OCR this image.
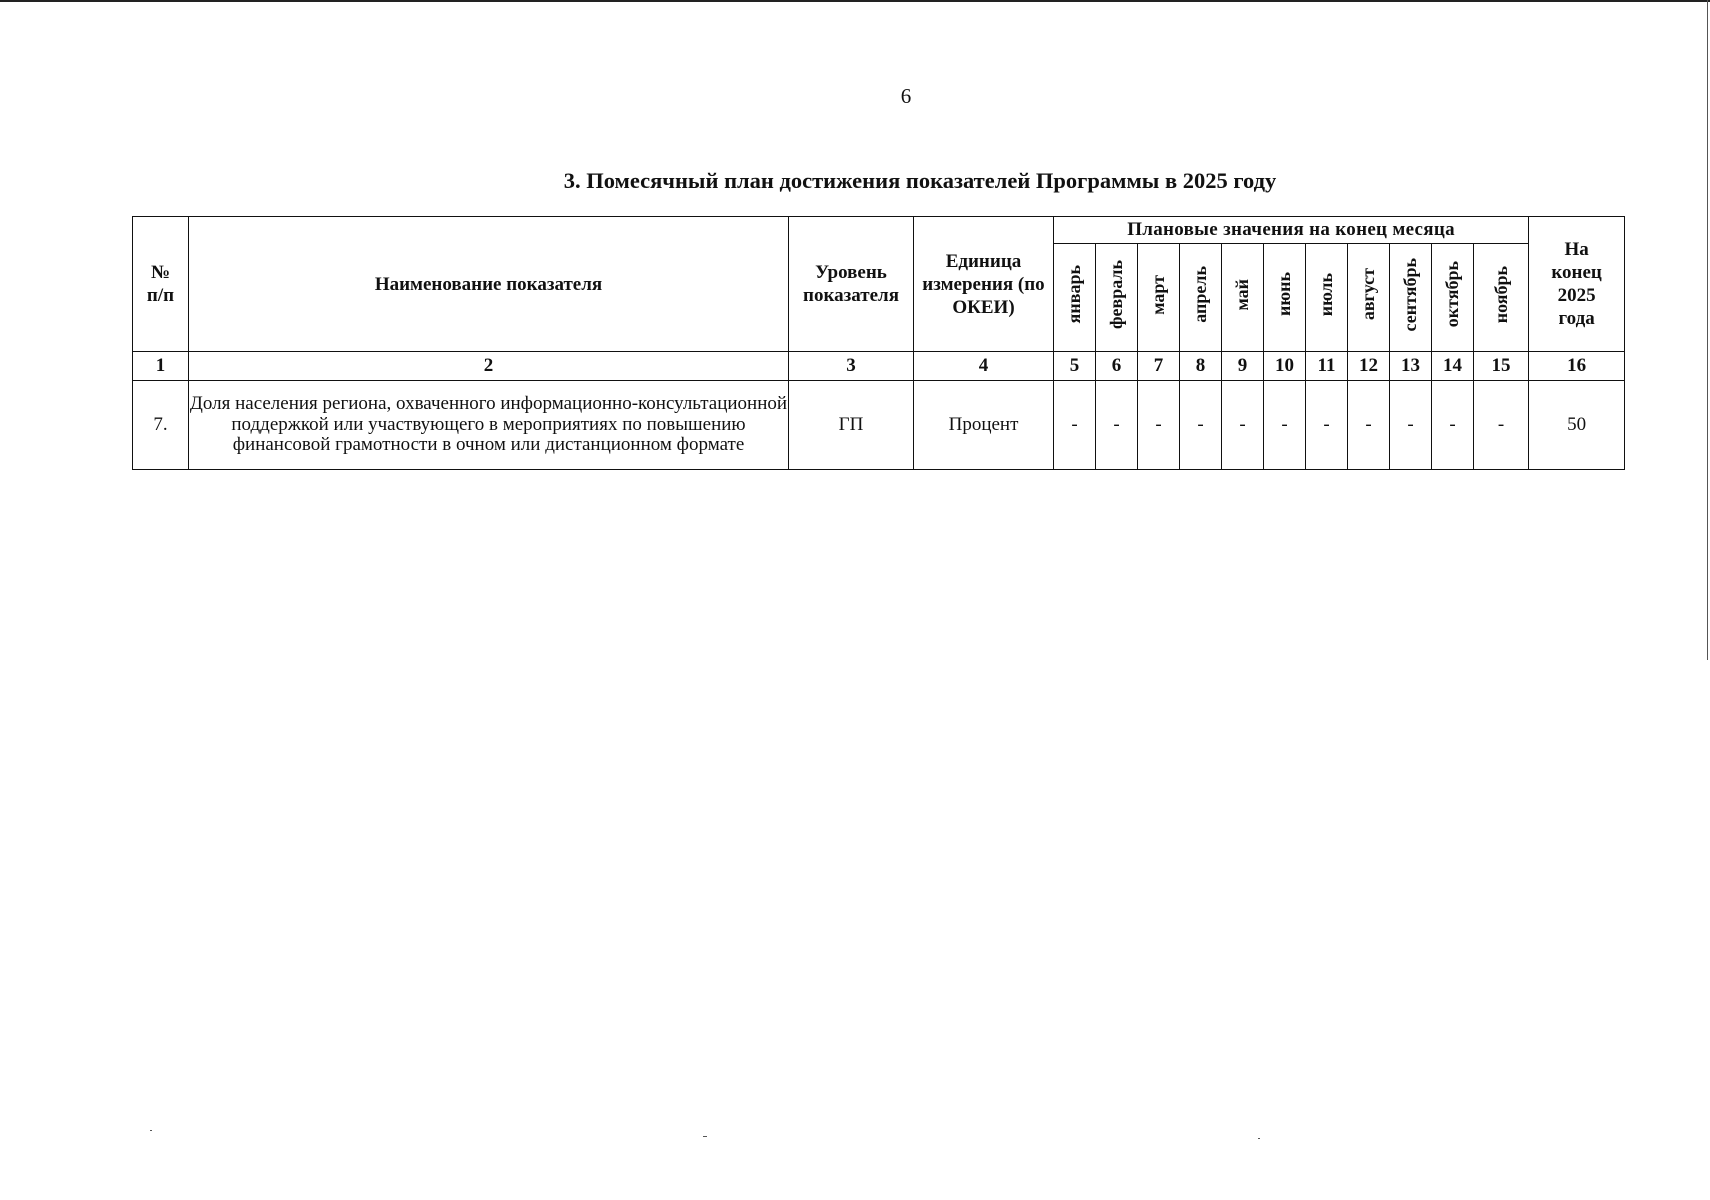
6
3. Помесячный план достижения показателей Программы в 2025 году
№
п/п	Наименование показателя	Уровень показателя	Единица измерения (по ОКЕИ)	Плановые значения на конец месяца											На конец 2025 года
				январь	февраль	март	апрель	май	июнь	июль	август	сентябрь	октябрь	ноябрь	
1	2	3	4	5	6	7	8	9	10	11	12	13	14	15	16
7.	Доля населения региона, охваченного информационно-консультационной поддержкой или участвующего в мероприятиях по повышению финансовой грамотности в очном или дистанционном формате	ГП	Процент	-	-	-	-	-	-	-	-	-	-	-	50
